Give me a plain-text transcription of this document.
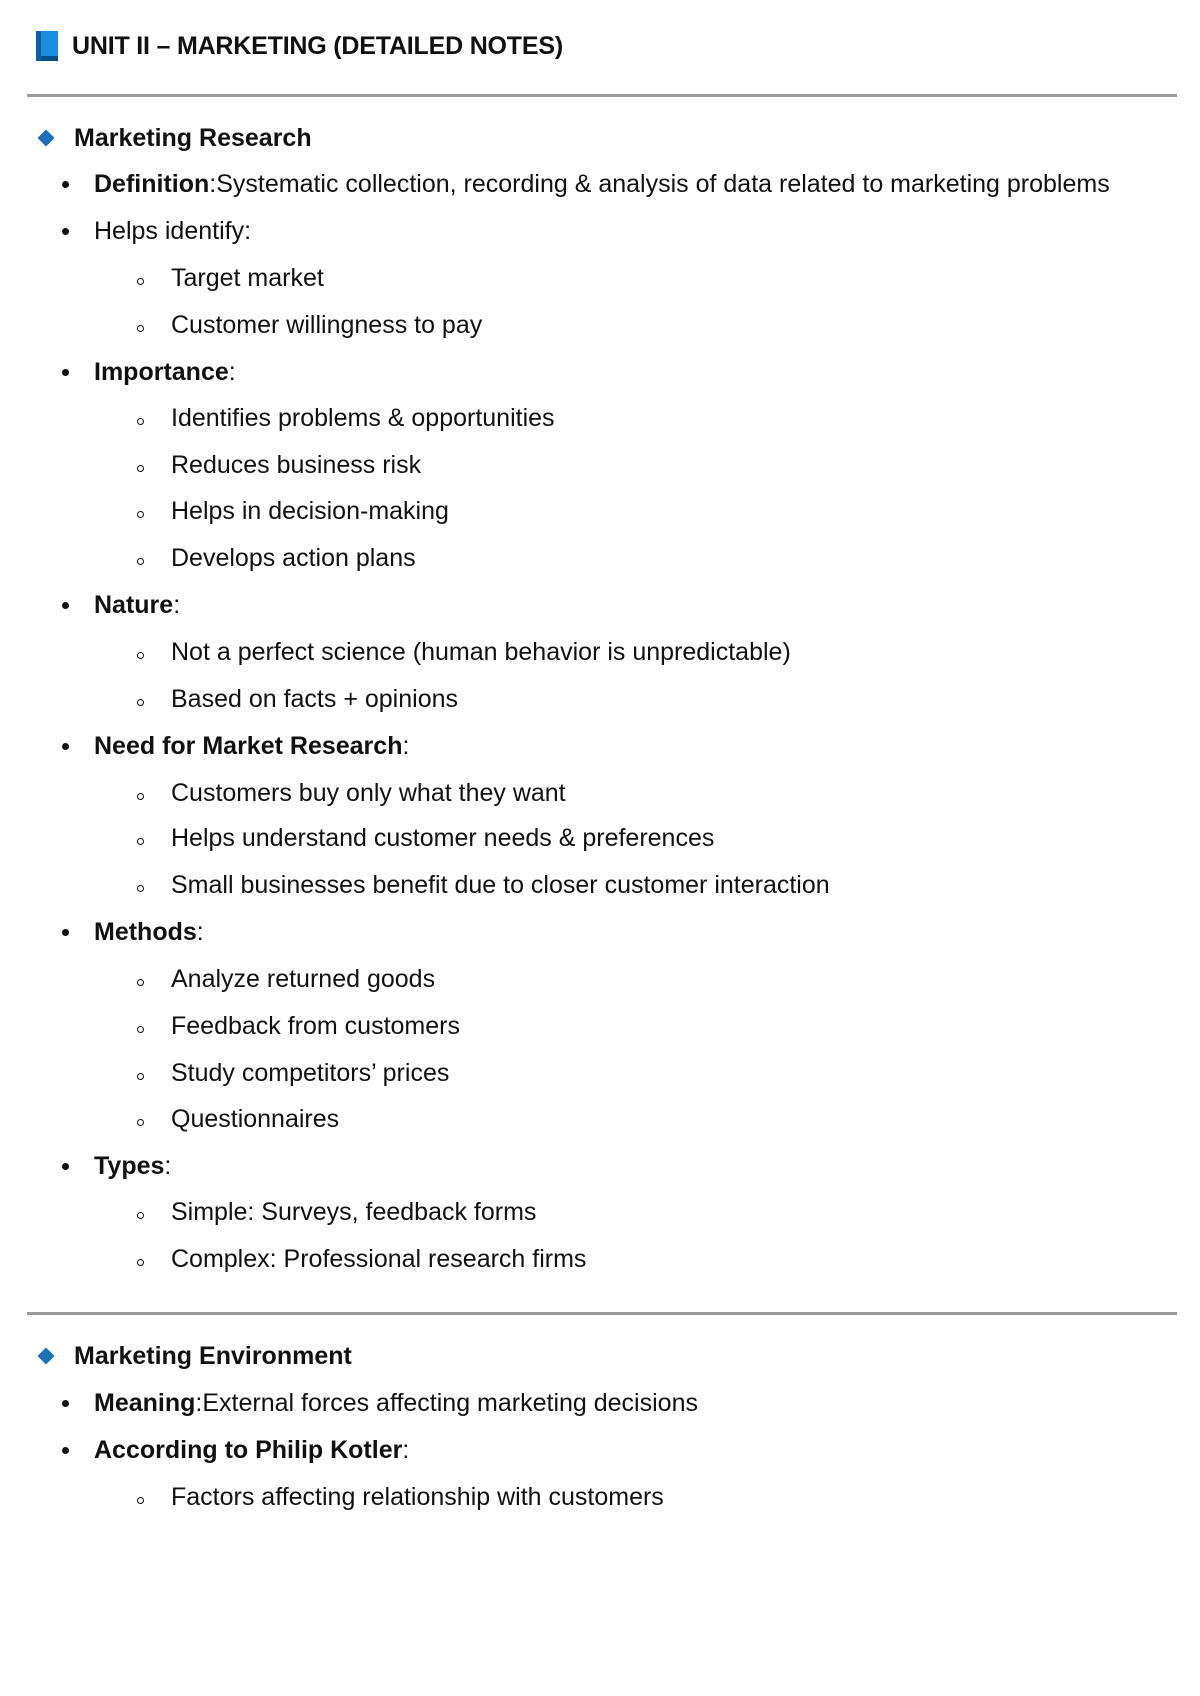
UNIT II – MARKETING (DETAILED NOTES)
Marketing Research
Definition : Systematic collection, recording & analysis of data related to marketing problems
Helps identify:
Target market
Customer willingness to pay
Importance :
Identifies problems & opportunities
Reduces business risk
Helps in decision-making
Develops action plans
Nature :
Not a perfect science (human behavior is unpredictable)
Based on facts + opinions
Need for Market Research :
Customers buy only what they want
Helps understand customer needs & preferences
Small businesses benefit due to closer customer interaction
Methods :
Analyze returned goods
Feedback from customers
Study competitors’ prices
Questionnaires
Types :
Simple: Surveys, feedback forms
Complex: Professional research firms
Marketing Environment
Meaning : External forces affecting marketing decisions
According to Philip Kotler :
Factors affecting relationship with customers
